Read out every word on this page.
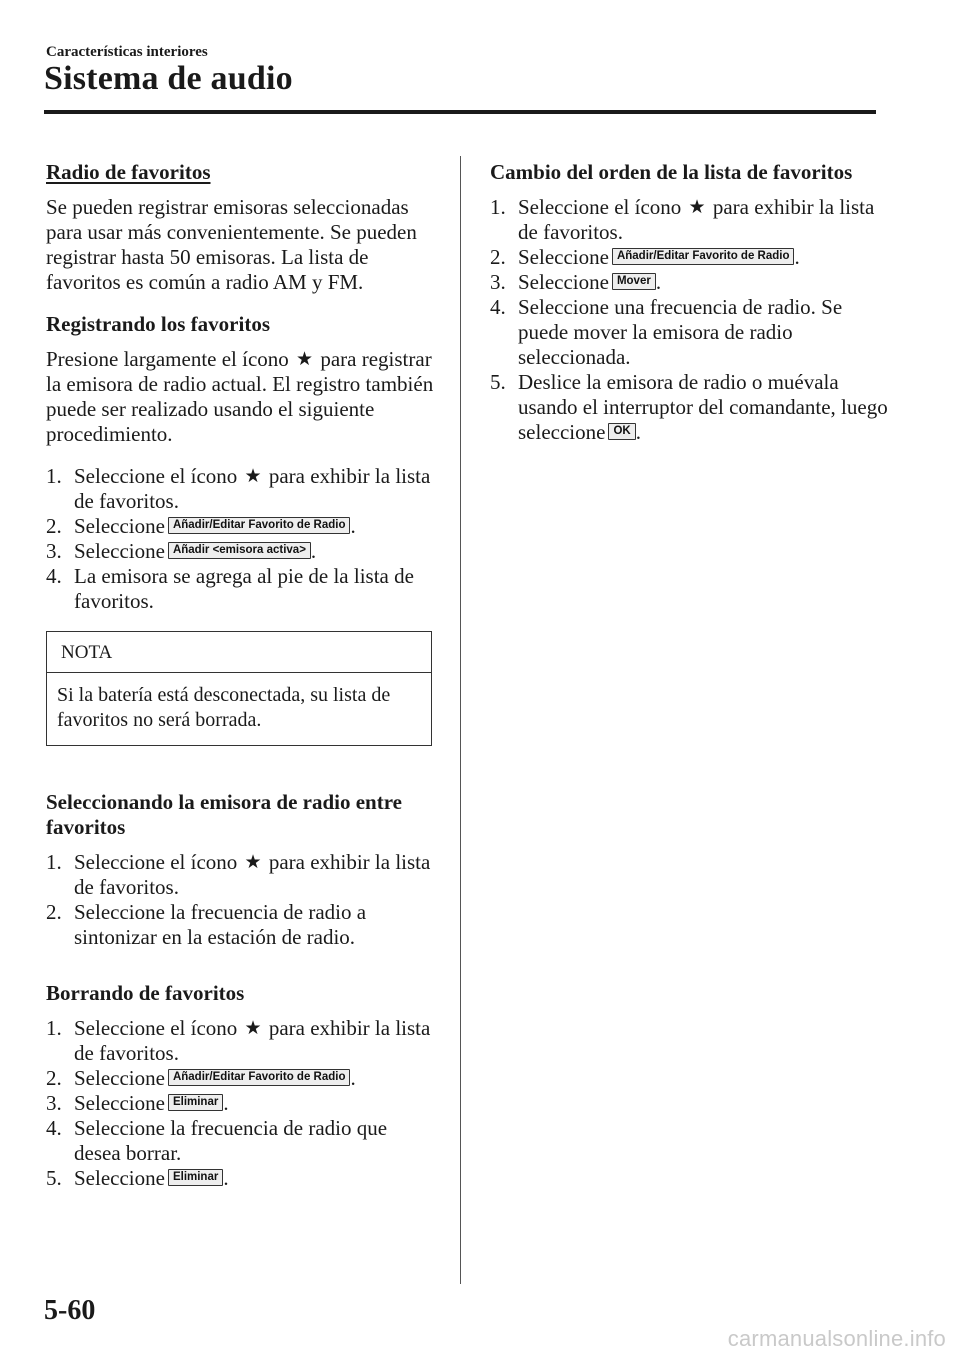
Características interiores
Sistema de audio
Radio de favoritos

Se pueden registrar emisoras seleccionadas para usar más convenientemente. Se pueden registrar hasta 50 emisoras. La lista de favoritos es común a radio AM y FM.

Registrando los favoritos

Presione largamente el ícono ★ para registrar la emisora de radio actual. El registro también puede ser realizado usando el siguiente procedimiento.

1. Seleccione el ícono ★ para exhibir la lista de favoritos.
2. Seleccione Añadir/Editar Favorito de Radio .
3. Seleccione Añadir <emisora activa> .
4. La emisora se agrega al pie de la lista de favoritos.
NOTA
Si la batería está desconectada, su lista de favoritos no será borrada.
Seleccionando la emisora de radio entre favoritos
1. Seleccione el ícono ★ para exhibir la lista de favoritos.
2. Seleccione la frecuencia de radio a sintonizar en la estación de radio.
Borrando de favoritos
1. Seleccione el ícono ★ para exhibir la lista de favoritos.
2. Seleccione Añadir/Editar Favorito de Radio .
3. Seleccione Eliminar .
4. Seleccione la frecuencia de radio que desea borrar.
5. Seleccione Eliminar .
Cambio del orden de la lista de favoritos
1. Seleccione el ícono ★ para exhibir la lista de favoritos.
2. Seleccione Añadir/Editar Favorito de Radio .
3. Seleccione Mover .
4. Seleccione una frecuencia de radio. Se puede mover la emisora de radio seleccionada.
5. Deslice la emisora de radio o muévala usando el interruptor del comandante, luego seleccione OK .
5-60
carmanualsonline.info
